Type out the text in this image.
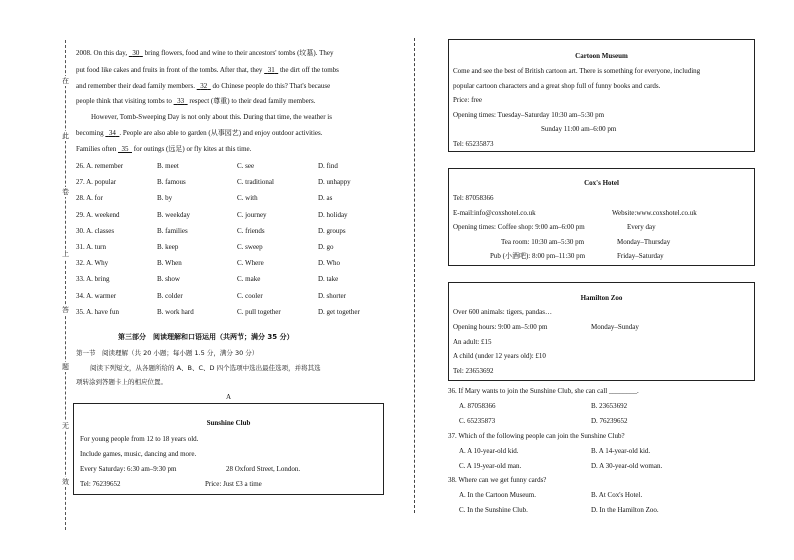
在
此
卷
上
答
题
无
效
2008. On this day, 30 bring flowers, food and wine to their ancestors' tombs (坟墓). They
put food like cakes and fruits in front of the tombs. After that, they 31 the dirt off the tombs
and remember their dead family members. 32 do Chinese people do this? That's because
people think that visiting tombs to 33 respect (尊重) to their dead family members.
However, Tomb-Sweeping Day is not only about this. During that time, the weather is
becoming 34 . People are also able to garden (从事园艺) and enjoy outdoor activities.
Families often 35 for outings (远足) or fly kites at this time.
26. A. remember	B. meet	C. see	D. find
27. A. popular	B. famous	C. traditional	D. unhappy
28. A. for	B. by	C. with	D. as
29. A. weekend	B. weekday	C. journey	D. holiday
30. A. classes	B. families	C. friends	D. groups
31. A. turn	B. keep	C. sweep	D. go
32. A. Why	B. When	C. Where	D. Who
33. A. bring	B. show	C. make	D. take
34. A. warmer	B. colder	C. cooler	D. shorter
35. A. have fun	B. work hard	C. pull together	D. get together
第三部分　阅读理解和口语运用（共两节；满分 35 分）
第一节　阅读理解（共 20 小题；每小题 1.5 分，满分 30 分）
阅读下列短文，从各题所给的 A、B、C、D 四个选项中选出最佳选项，并将其选
项转涂到答题卡上的相应位置。
A
Sunshine Club
For young people from 12 to 18 years old.
Include games, music, dancing and more.
Every Saturday: 6:30 am–9:30 pm	28 Oxford Street, London.
Tel: 76239652	Price: Just £3 a time
Cartoon Museum
Come and see the best of British cartoon art. There is something for everyone, including
popular cartoon characters and a great shop full of funny books and cards.
Price: free
Opening times: Tuesday–Saturday 10:30 am–5:30 pm
Sunday 11:00 am–6:00 pm
Tel: 65235873
Cox's Hotel
Tel: 87058366
E-mail:info@coxshotel.co.uk	Website:www.coxshotel.co.uk
Opening times: Coffee shop: 9:00 am–6:00 pm	Every day
Tea room: 10:30 am–5:30 pm	Monday–Thursday
Pub (小酒吧): 8:00 pm–11:30 pm	Friday–Saturday
Hamilton Zoo
Over 600 animals: tigers, pandas…
Opening hours: 9:00 am–5:00 pm	Monday–Sunday
An adult: £15
A child (under 12 years old): £10
Tel: 23653692
36. If Mary wants to join the Sunshine Club, she can call ________.
A. 87058366	B. 23653692
C. 65235873	D. 76239652
37. Which of the following people can join the Sunshine Club?
A. A 10-year-old kid.	B. A 14-year-old kid.
C. A 19-year-old man.	D. A 30-year-old woman.
38. Where can we get funny cards?
A. In the Cartoon Museum.	B. At Cox's Hotel.
C. In the Sunshine Club.	D. In the Hamilton Zoo.
